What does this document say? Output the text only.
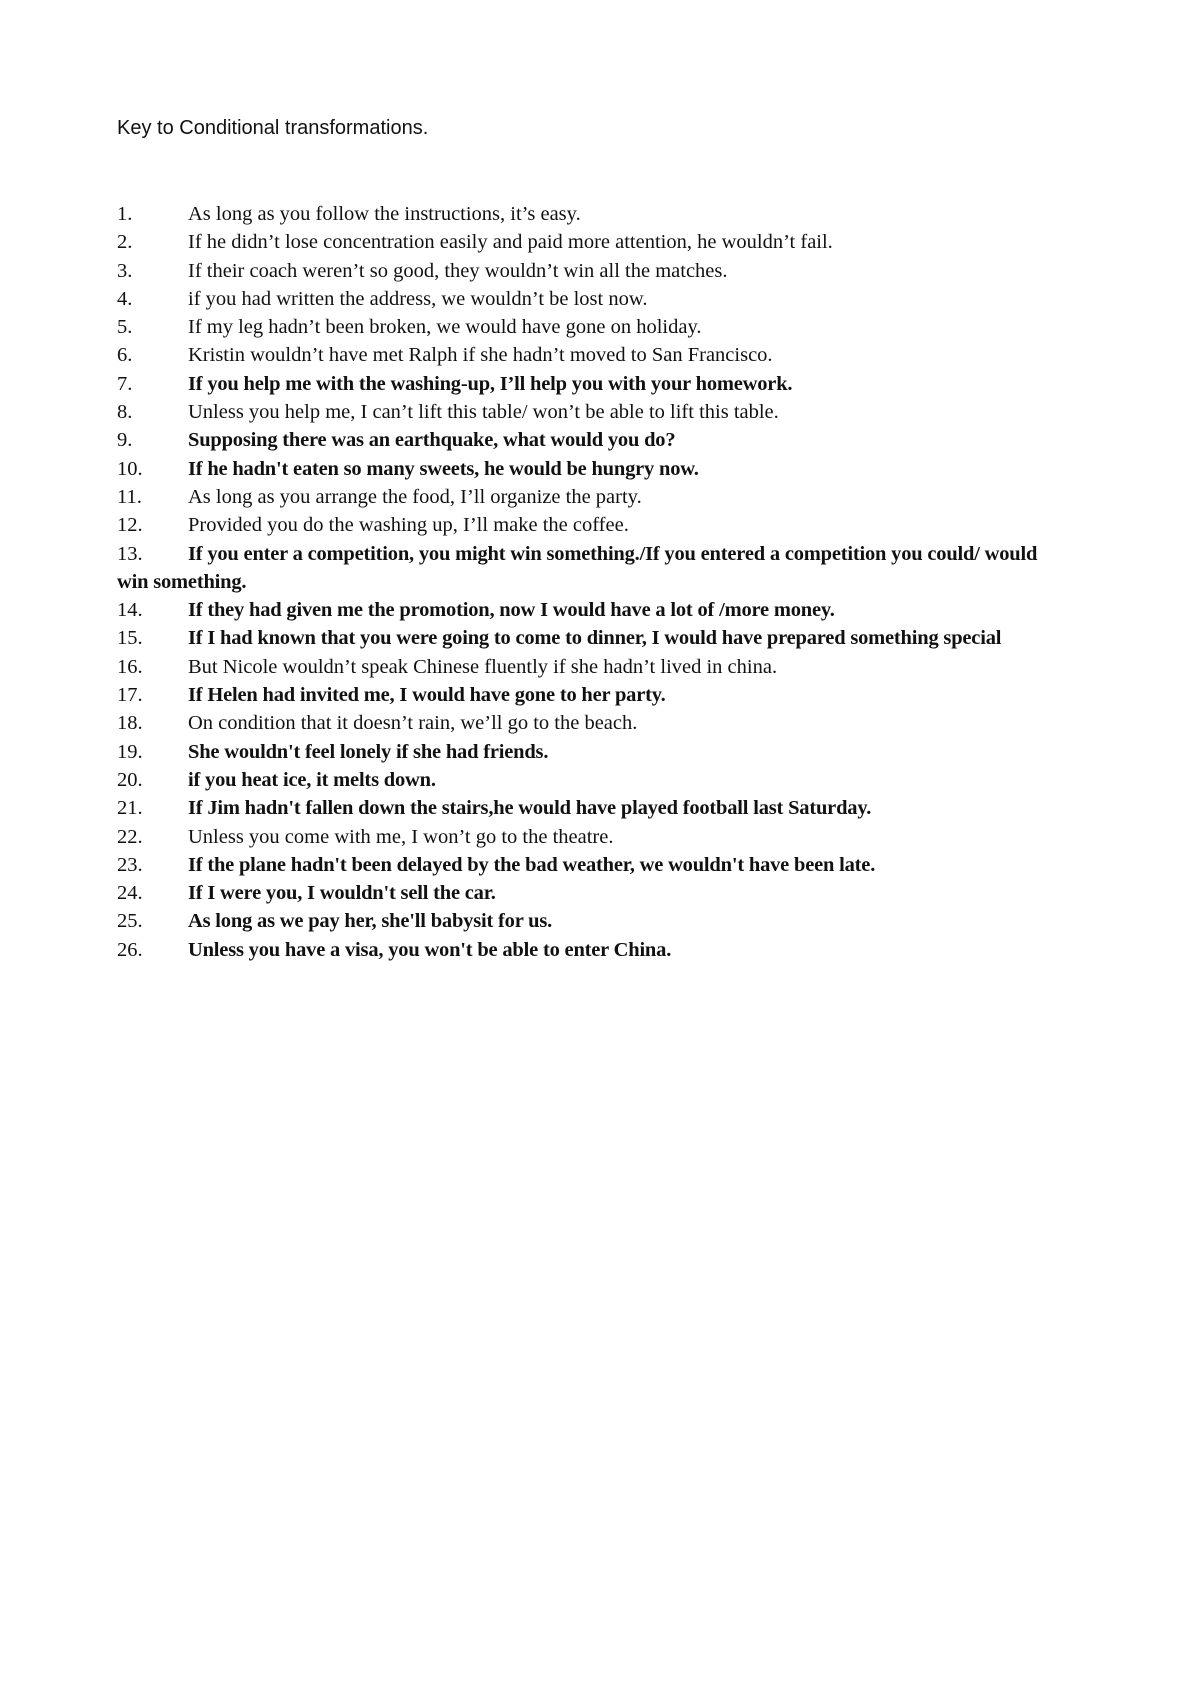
Key to Conditional transformations.
1.	As long as you follow the instructions, it’s easy.
2.	If he didn’t lose concentration easily and paid more attention, he wouldn’t fail.
3.	If their coach weren’t so good, they wouldn’t win all the matches.
4.	if you had written the address, we wouldn’t be lost now.
5.	If my leg hadn’t been broken, we would have gone on holiday.
6.	Kristin wouldn’t have met Ralph if she hadn’t moved to San Francisco.
7.	If you help me with the washing-up, I’ll help you with your homework.
8.	Unless you help me, I can’t lift this table/ won’t be able to lift this table.
9.	Supposing there was an earthquake, what would you do?
10. If he hadn't eaten so many sweets, he would be hungry now.
11. As long as you arrange the food, I’ll organize the party.
12. Provided you do the washing up, I’ll make the coffee.
13. If you enter a competition, you might win something./If you entered a competition you could/ would win something.
14. If they had given me the promotion, now I would have a lot of /more money.
15. If I had known that you were going to come to dinner, I would have prepared something special
16. But Nicole wouldn’t speak Chinese fluently if she hadn’t lived in china.
17. If Helen had invited me, I would have gone to her party.
18. On condition that it doesn’t rain, we’ll go to the beach.
19. She wouldn't feel lonely if she had friends.
20. if you heat ice, it melts down.
21. If Jim hadn't fallen down the stairs,he would have played football last Saturday.
22. Unless you come with me, I won’t go to the theatre.
23. If the plane hadn't been delayed by the bad weather, we wouldn't have been late.
24. If I were you, I wouldn't sell the car.
25. As long as we pay her, she'll babysit for us.
26. Unless you have a visa, you won't be able to enter China.
